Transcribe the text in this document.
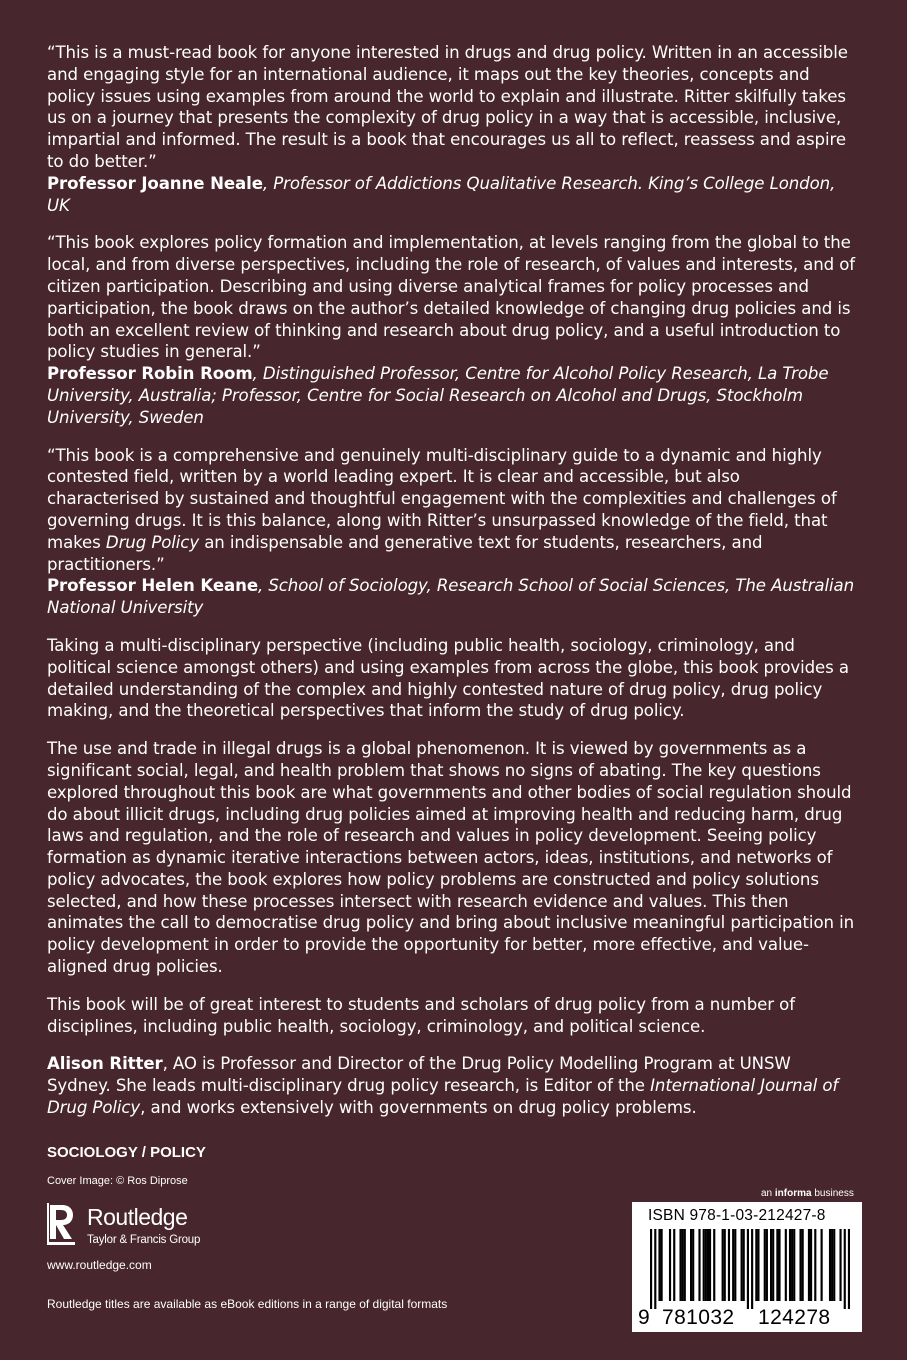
“This is a must-read book for anyone interested in drugs and drug policy. Written in an accessible and engaging style for an international audience, it maps out the key theories, concepts and policy issues using examples from around the world to explain and illustrate. Ritter skilfully takes us on a journey that presents the complexity of drug policy in a way that is accessible, inclusive, impartial and informed. The result is a book that encourages us all to reflect, reassess and aspire to do better.”
Professor Joanne Neale, Professor of Addictions Qualitative Research. King’s College London, UK

“This book explores policy formation and implementation, at levels ranging from the global to the local, and from diverse perspectives, including the role of research, of values and interests, and of citizen participation. Describing and using diverse analytical frames for policy processes and participation, the book draws on the author’s detailed knowledge of changing drug policies and is both an excellent review of thinking and research about drug policy, and a useful introduction to policy studies in general.”
Professor Robin Room, Distinguished Professor, Centre for Alcohol Policy Research, La Trobe University, Australia; Professor, Centre for Social Research on Alcohol and Drugs, Stockholm University, Sweden

“This book is a comprehensive and genuinely multi-disciplinary guide to a dynamic and highly contested field, written by a world leading expert. It is clear and accessible, but also characterised by sustained and thoughtful engagement with the complexities and challenges of governing drugs. It is this balance, along with Ritter’s unsurpassed knowledge of the field, that makes Drug Policy an indispensable and generative text for students, researchers, and practitioners.”
Professor Helen Keane, School of Sociology, Research School of Social Sciences, The Australian National University

Taking a multi-disciplinary perspective (including public health, sociology, criminology, and political science amongst others) and using examples from across the globe, this book provides a detailed understanding of the complex and highly contested nature of drug policy, drug policy making, and the theoretical perspectives that inform the study of drug policy.

The use and trade in illegal drugs is a global phenomenon. It is viewed by governments as a significant social, legal, and health problem that shows no signs of abating. The key questions explored throughout this book are what governments and other bodies of social regulation should do about illicit drugs, including drug policies aimed at improving health and reducing harm, drug laws and regulation, and the role of research and values in policy development. Seeing policy formation as dynamic iterative interactions between actors, ideas, institutions, and networks of policy advocates, the book explores how policy problems are constructed and policy solutions selected, and how these processes intersect with research evidence and values. This then animates the call to democratise drug policy and bring about inclusive meaningful participation in policy development in order to provide the opportunity for better, more effective, and value-aligned drug policies.

This book will be of great interest to students and scholars of drug policy from a number of disciplines, including public health, sociology, criminology, and political science.

Alison Ritter, AO is Professor and Director of the Drug Policy Modelling Program at UNSW Sydney. She leads multi-disciplinary drug policy research, is Editor of the International Journal of Drug Policy, and works extensively with governments on drug policy problems.

SOCIOLOGY / POLICY
Cover Image: © Ros Diprose
Routledge
Taylor & Francis Group
www.routledge.com
Routledge titles are available as eBook editions in a range of digital formats
an informa business
ISBN 978-1-03-212427-8
9 781032 124278
